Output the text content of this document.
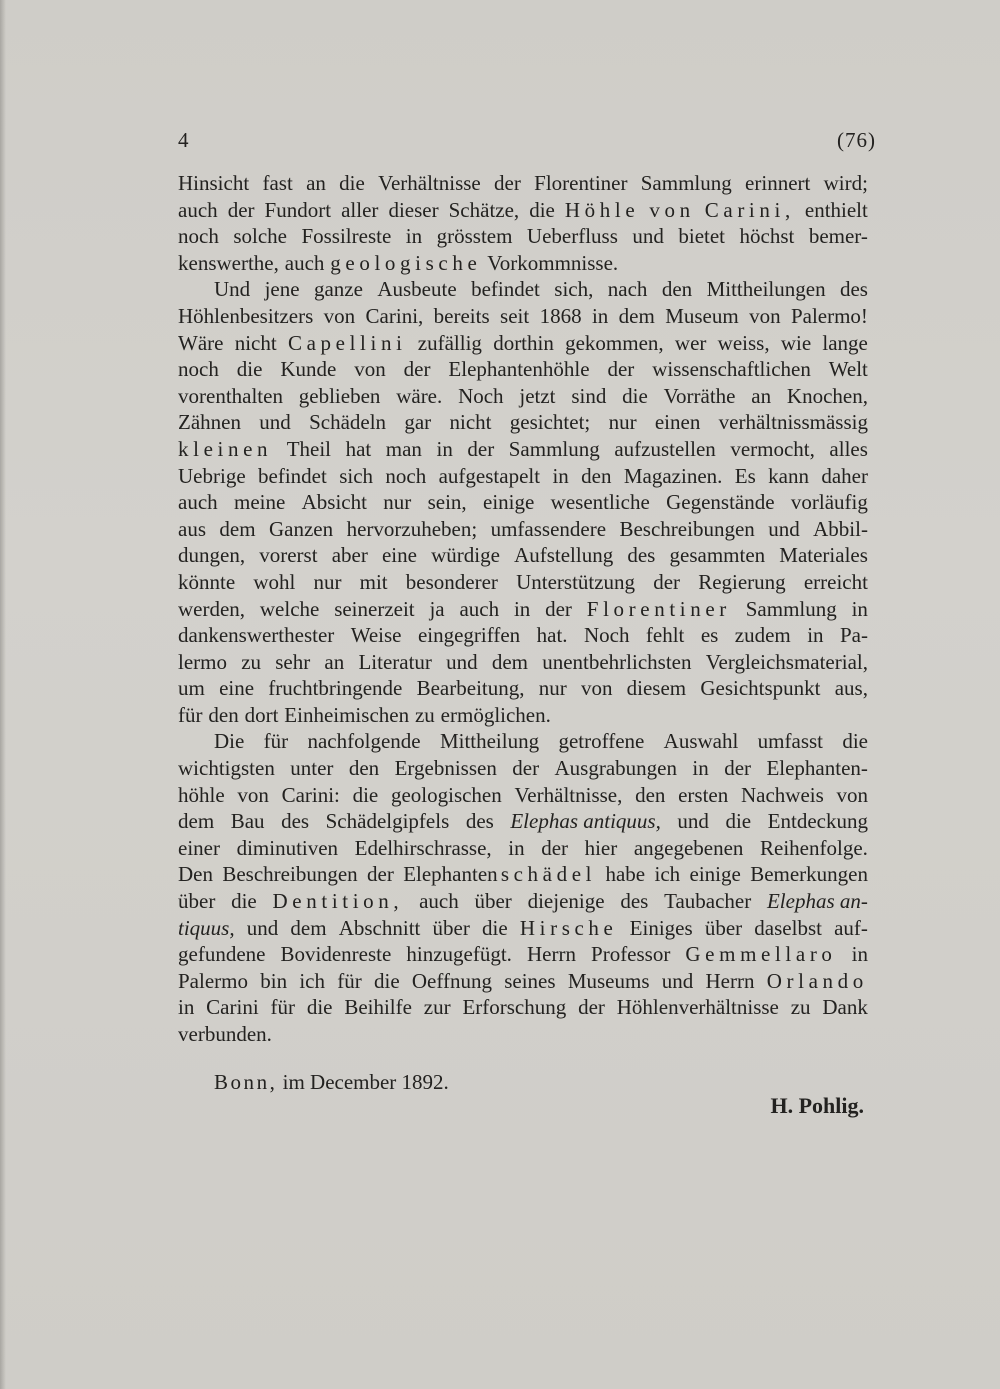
4	(76)
Hinsicht fast an die Verhältnisse der Florentiner Sammlung erinnert wird;
auch der Fundort aller dieser Schätze, die Höhle von Carini, enthielt
noch solche Fossilreste in grösstem Ueberfluss und bietet höchst bemer-
kenswerthe, auch geologische Vorkommnisse.
Und jene ganze Ausbeute befindet sich, nach den Mittheilungen des
Höhlenbesitzers von Carini, bereits seit 1868 in dem Museum von Palermo!
Wäre nicht Capellini zufällig dorthin gekommen, wer weiss, wie lange
noch die Kunde von der Elephantenhöhle der wissenschaftlichen Welt
vorenthalten geblieben wäre. Noch jetzt sind die Vorräthe an Knochen,
Zähnen und Schädeln gar nicht gesichtet; nur einen verhältnissmässig
kleinen Theil hat man in der Sammlung aufzustellen vermocht, alles
Uebrige befindet sich noch aufgestapelt in den Magazinen. Es kann daher
auch meine Absicht nur sein, einige wesentliche Gegenstände vorläufig
aus dem Ganzen hervorzuheben; umfassendere Beschreibungen und Abbil-
dungen, vorerst aber eine würdige Aufstellung des gesammten Materiales
könnte wohl nur mit besonderer Unterstützung der Regierung erreicht
werden, welche seinerzeit ja auch in der Florentiner Sammlung in
dankenswerthester Weise eingegriffen hat. Noch fehlt es zudem in Pa-
lermo zu sehr an Literatur und dem unentbehrlichsten Vergleichsmaterial,
um eine fruchtbringende Bearbeitung, nur von diesem Gesichtspunkt aus,
für den dort Einheimischen zu ermöglichen.
Die für nachfolgende Mittheilung getroffene Auswahl umfasst die
wichtigsten unter den Ergebnissen der Ausgrabungen in der Elephanten-
höhle von Carini: die geologischen Verhältnisse, den ersten Nachweis von
dem Bau des Schädelgipfels des Elephas antiquus, und die Entdeckung
einer diminutiven Edelhirschrasse, in der hier angegebenen Reihenfolge.
Den Beschreibungen der Elephanten schädel habe ich einige Bemerkungen
über die Dentition, auch über diejenige des Taubacher Elephas an-
tiquus, und dem Abschnitt über die Hirsche Einiges über daselbst auf-
gefundene Bovidenreste hinzugefügt. Herrn Professor Gemmellaro in
Palermo bin ich für die Oeffnung seines Museums und Herrn Orlando
in Carini für die Beihilfe zur Erforschung der Höhlenverhältnisse zu Dank
verbunden.
Bonn, im December 1892.
H. Pohlig.
